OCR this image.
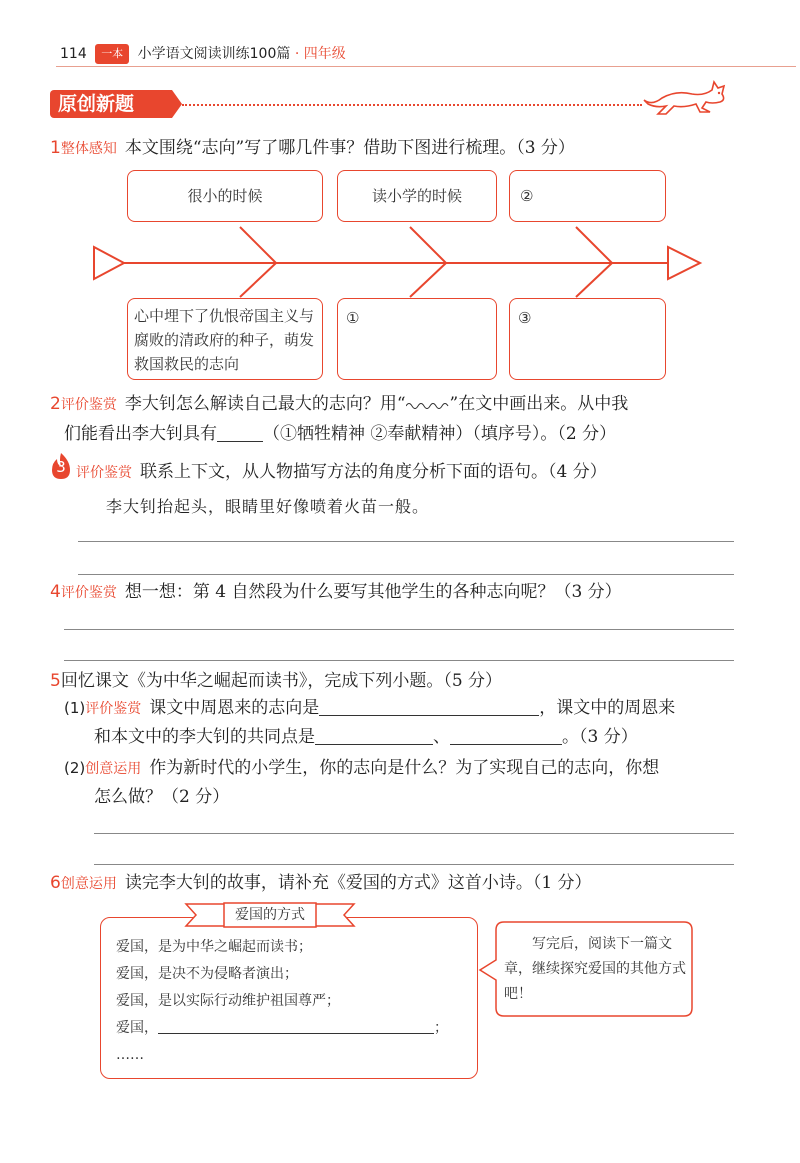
114 一本 小学语文阅读训练100篇 · 四年级
原创新题
1整体感知 本文围绕“志向”写了哪几件事？借助下图进行梳理。（3 分）
很小的时候	读小学的时候	②
心中埋下了仇恨帝国主义与腐败的清政府的种子，萌发救国救民的志向
①	③
2评价鉴赏 李大钊怎么解读自己最大的志向？用“	”在文中画出来。从中我
们能看出李大钊具有	（①牺牲精神 ②奉献精神）（填序号）。（2 分）
3 评价鉴赏 联系上下文，从人物描写方法的角度分析下面的语句。（4 分）
李大钊抬起头，眼睛里好像喷着火苗一般。
4评价鉴赏 想一想：第 4 自然段为什么要写其他学生的各种志向呢？（3 分）
5回忆课文《为中华之崛起而读书》，完成下列小题。（5 分）
(1)评价鉴赏 课文中周恩来的志向是	，课文中的周恩来
和本文中的李大钊的共同点是	、	。（3 分）
(2)创意运用 作为新时代的小学生，你的志向是什么？为了实现自己的志向，你想
怎么做？（2 分）
6创意运用 读完李大钊的故事，请补充《爱国的方式》这首小诗。（1 分）
爱国的方式
爱国，是为中华之崛起而读书；
爱国，是决不为侵略者演出；
爱国，是以实际行动维护祖国尊严；
爱国，	；
……
写完后，阅读下一篇文章，继续探究爱国的其他方式吧！
